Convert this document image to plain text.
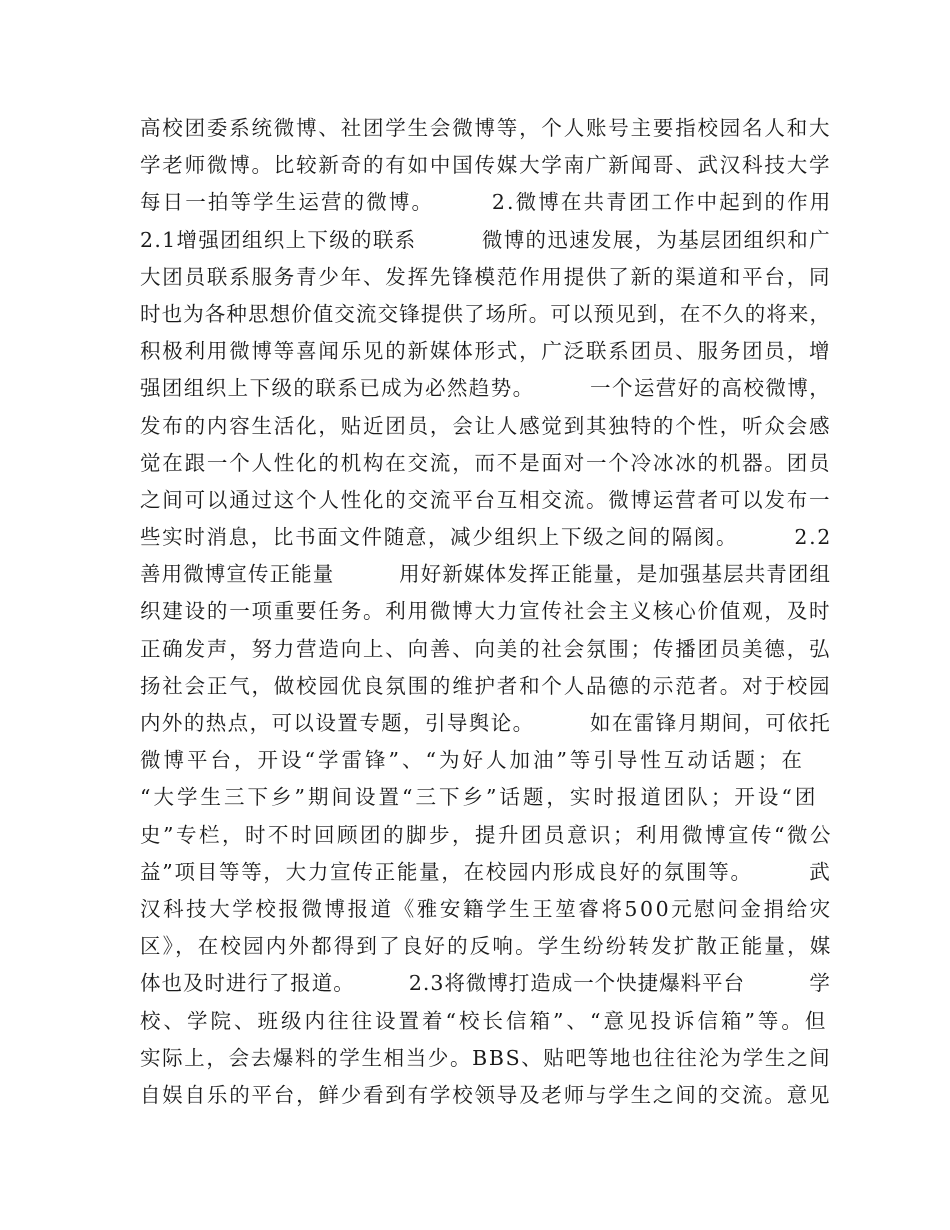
高校团委系统微博、社团学生会微博等，个人账号主要指校园名人和大
学老师微博。比较新奇的有如中国传媒大学南广新闻哥、武汉科技大学
每日一拍等学生运营的微博。　　　2.微博在共青团工作中起到的作用
2.1增强团组织上下级的联系　　　微博的迅速发展，为基层团组织和广
大团员联系服务青少年、发挥先锋模范作用提供了新的渠道和平台，同
时也为各种思想价值交流交锋提供了场所。可以预见到，在不久的将来，
积极利用微博等喜闻乐见的新媒体形式，广泛联系团员、服务团员，增
强团组织上下级的联系已成为必然趋势。　　　一个运营好的高校微博，
发布的内容生活化，贴近团员，会让人感觉到其独特的个性，听众会感
觉在跟一个人性化的机构在交流，而不是面对一个冷冰冰的机器。团员
之间可以通过这个人性化的交流平台互相交流。微博运营者可以发布一
些实时消息，比书面文件随意，减少组织上下级之间的隔阂。　　　2.2
善用微博宣传正能量　　　用好新媒体发挥正能量，是加强基层共青团组
织建设的一项重要任务。利用微博大力宣传社会主义核心价值观，及时
正确发声，努力营造向上、向善、向美的社会氛围；传播团员美德，弘
扬社会正气，做校园优良氛围的维护者和个人品德的示范者。对于校园
内外的热点，可以设置专题，引导舆论。　　　如在雷锋月期间，可依托
微博平台，开设“学雷锋”、“为好人加油”等引导性互动话题；在
“大学生三下乡”期间设置“三下乡”话题，实时报道团队；开设“团
史”专栏，时不时回顾团的脚步，提升团员意识；利用微博宣传“微公
益”项目等等，大力宣传正能量，在校园内形成良好的氛围等。　　　武
汉科技大学校报微博报道《雅安籍学生王堃睿将500元慰问金捐给灾
区》，在校园内外都得到了良好的反响。学生纷纷转发扩散正能量，媒
体也及时进行了报道。　　　2.3将微博打造成一个快捷爆料平台　　　学
校、学院、班级内往往设置着“校长信箱”、“意见投诉信箱”等。但
实际上，会去爆料的学生相当少。BBS、贴吧等地也往往沦为学生之间
自娱自乐的平台，鲜少看到有学校领导及老师与学生之间的交流。意见
